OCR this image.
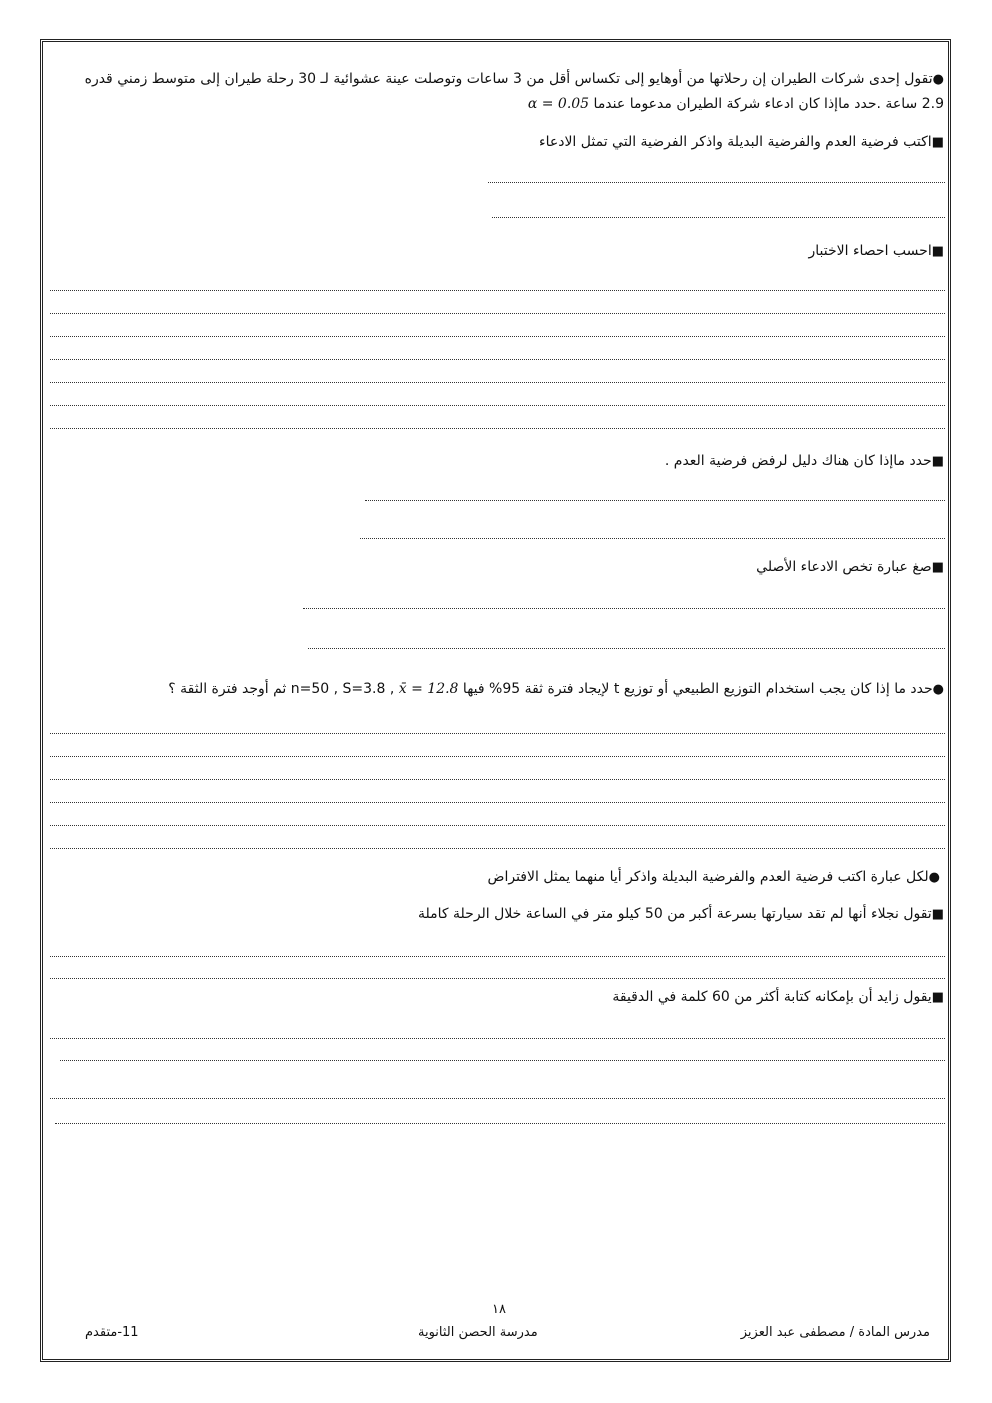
●تقول إحدى شركات الطيران إن رحلاتها من أوهايو إلى تكساس أقل من 3 ساعات وتوصلت عينة عشوائية لـ 30 رحلة طيران إلى متوسط زمني قدره
2.9 ساعة .حدد ماإذا كان ادعاء شركة الطيران مدعوما عندما α = 0.05
■اكتب فرضية العدم والفرضية البديلة واذكر الفرضية التي تمثل الادعاء
■احسب احصاء الاختبار
■حدد ماإذا كان هناك دليل لرفض فرضية العدم .
■صغ عبارة تخص الادعاء الأصلي
●حدد ما إذا كان يجب استخدام التوزيع الطبيعي أو توزيع t لإيجاد فترة ثقة 95% فيها x̄ = 12.8 n=50 , S=3.8 , ثم أوجد فترة الثقة ؟
●لكل عبارة اكتب فرضية العدم والفرضية البديلة واذكر أيا منهما يمثل الافتراض
■تقول نجلاء أنها لم تقد سيارتها بسرعة أكبر من 50 كيلو متر في الساعة خلال الرحلة كاملة
■يقول زايد أن بإمكانه كتابة أكثر من 60 كلمة في الدقيقة
١٨
مدرس المادة / مصطفى عبد العزيز
مدرسة الحصن الثانوية
11-متقدم
